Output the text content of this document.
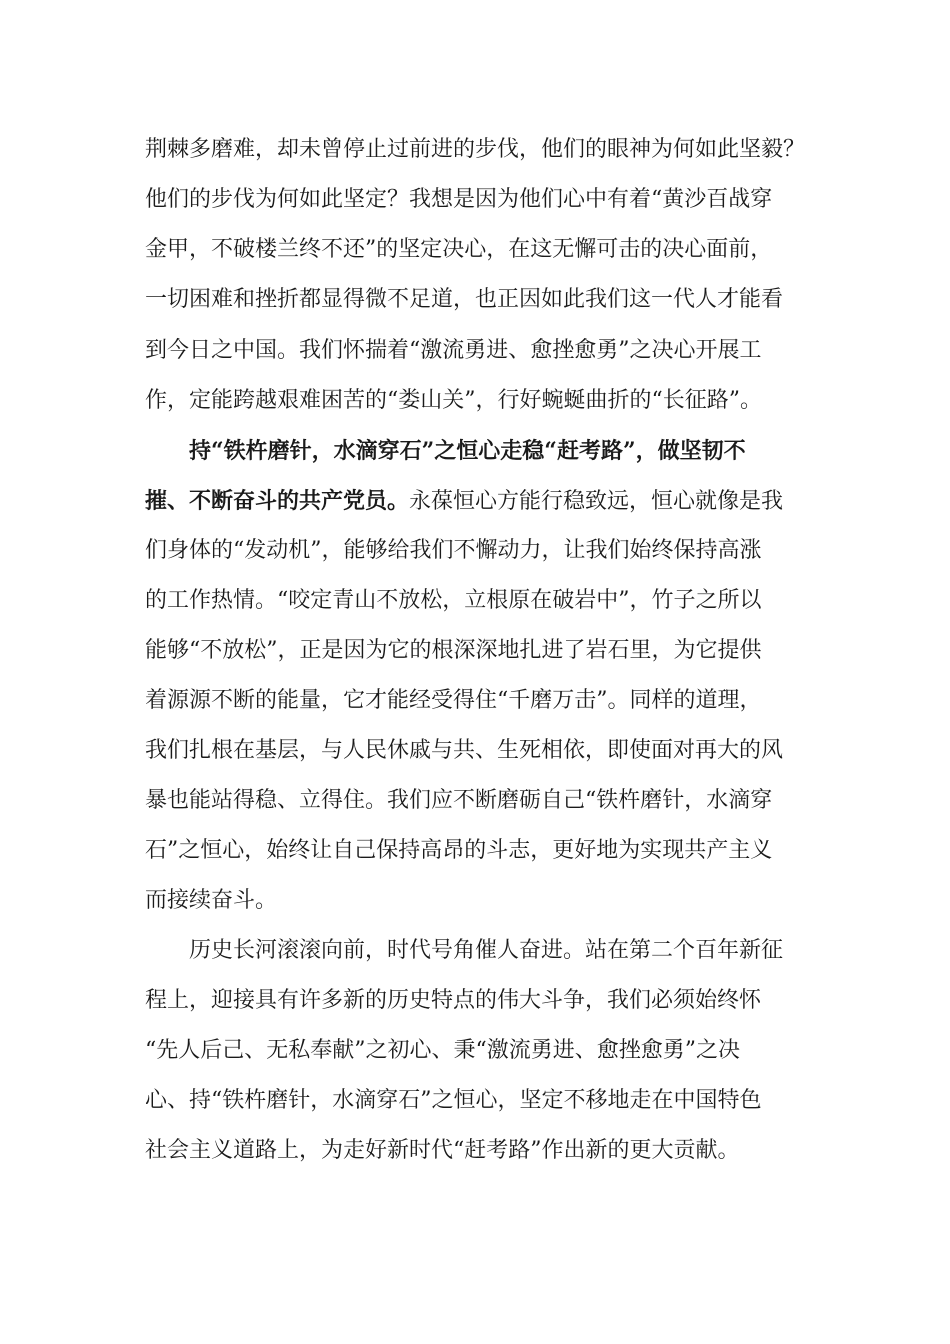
荆棘多磨难，却未曾停止过前进的步伐，他们的眼神为何如此坚毅？
他们的步伐为何如此坚定？我想是因为他们心中有着“黄沙百战穿
金甲，不破楼兰终不还”的坚定决心，在这无懈可击的决心面前，
一切困难和挫折都显得微不足道，也正因如此我们这一代人才能看
到今日之中国。我们怀揣着“激流勇进、愈挫愈勇”之决心开展工
作，定能跨越艰难困苦的“娄山关”，行好蜿蜒曲折的“长征路”。
持“铁杵磨针，水滴穿石”之恒心走稳“赶考路”，做坚韧不
摧、不断奋斗的共产党员。永葆恒心方能行稳致远，恒心就像是我
们身体的“发动机”，能够给我们不懈动力，让我们始终保持高涨
的工作热情。“咬定青山不放松，立根原在破岩中”，竹子之所以
能够“不放松”，正是因为它的根深深地扎进了岩石里，为它提供
着源源不断的能量，它才能经受得住“千磨万击”。同样的道理，
我们扎根在基层，与人民休戚与共、生死相依，即使面对再大的风
暴也能站得稳、立得住。我们应不断磨砺自己“铁杵磨针，水滴穿
石”之恒心，始终让自己保持高昂的斗志，更好地为实现共产主义
而接续奋斗。
历史长河滚滚向前，时代号角催人奋进。站在第二个百年新征
程上，迎接具有许多新的历史特点的伟大斗争，我们必须始终怀
“先人后己、无私奉献”之初心、秉“激流勇进、愈挫愈勇”之决
心、持“铁杵磨针，水滴穿石”之恒心，坚定不移地走在中国特色
社会主义道路上，为走好新时代“赶考路”作出新的更大贡献。
